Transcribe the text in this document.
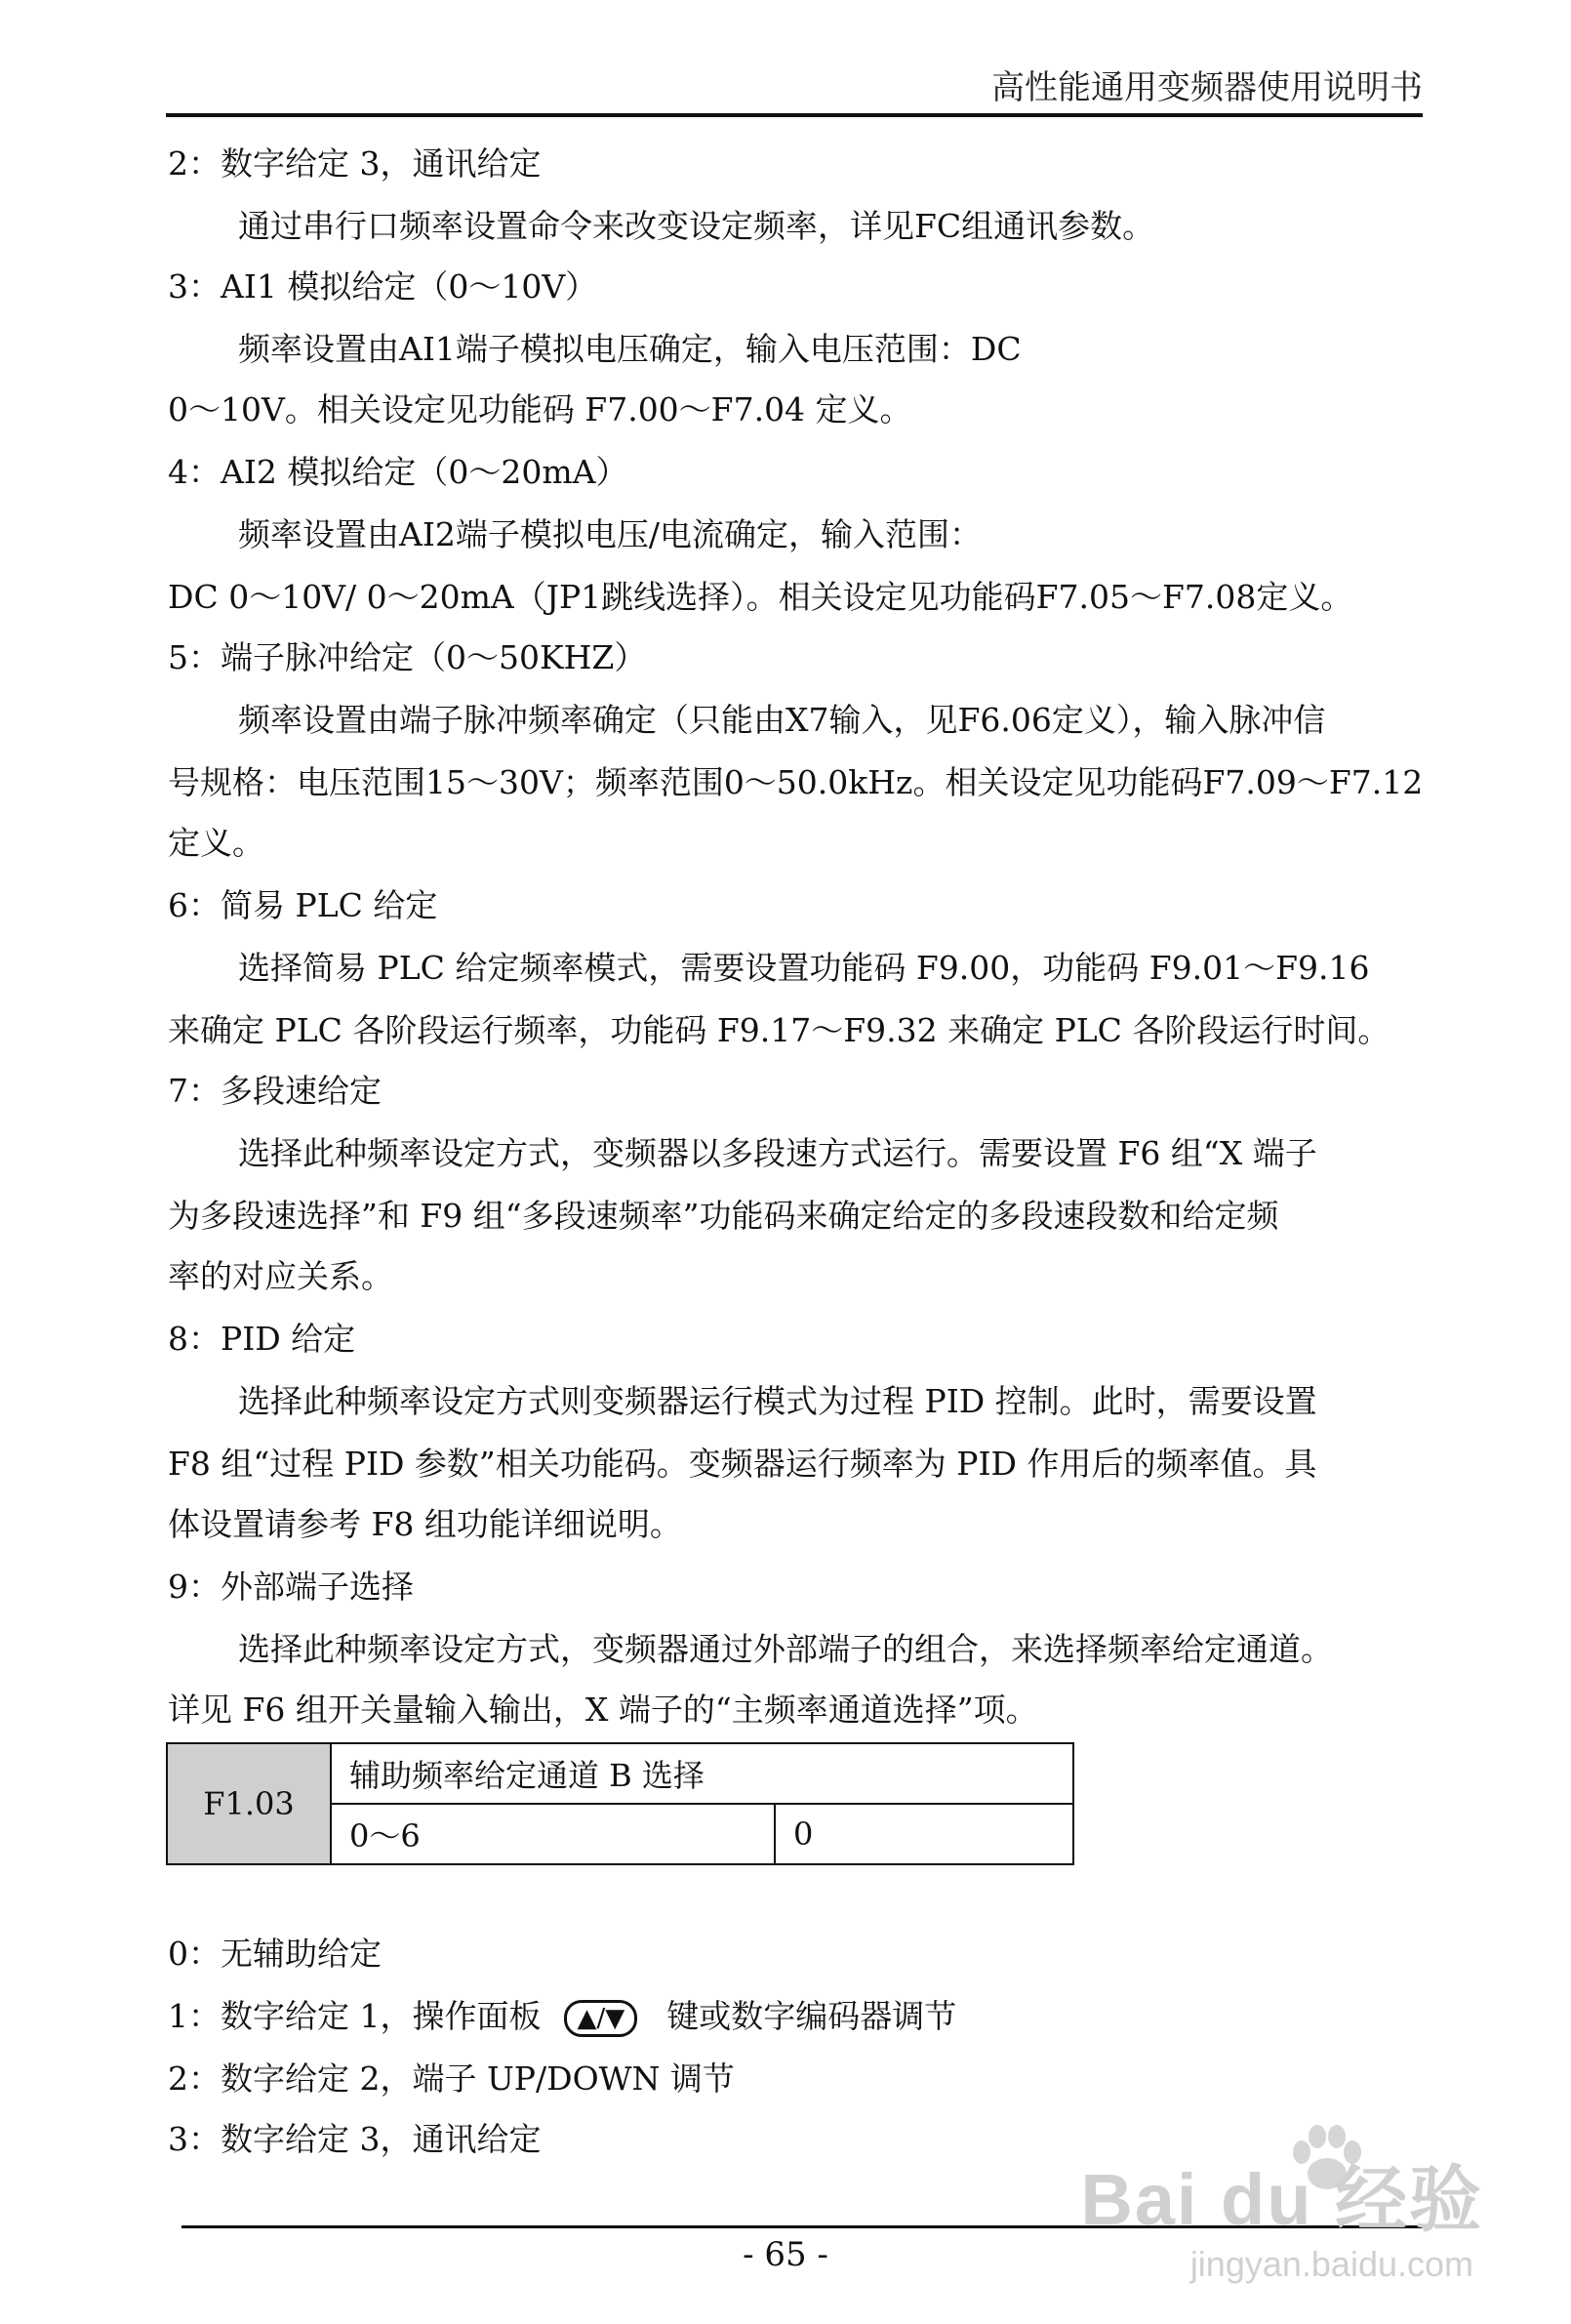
高性能通用变频器使用说明书
2：数字给定 3，通讯给定
通过串行口频率设置命令来改变设定频率，详见FC组通讯参数。
3：AI1 模拟给定（0～10V）
频率设置由AI1端子模拟电压确定，输入电压范围：DC
0～10V。相关设定见功能码 F7.00～F7.04 定义。
4：AI2 模拟给定（0～20mA）
频率设置由AI2端子模拟电压/电流确定，输入范围：
DC 0～10V/ 0～20mA（JP1跳线选择）。相关设定见功能码F7.05～F7.08定义。
5：端子脉冲给定（0～50KHZ）
频率设置由端子脉冲频率确定（只能由X7输入，见F6.06定义），输入脉冲信
号规格：电压范围15～30V；频率范围0～50.0kHz。相关设定见功能码F7.09～F7.12
定义。
6：简易 PLC 给定
选择简易 PLC 给定频率模式，需要设置功能码 F9.00，功能码 F9.01～F9.16
来确定 PLC 各阶段运行频率，功能码 F9.17～F9.32 来确定 PLC 各阶段运行时间。
7：多段速给定
选择此种频率设定方式，变频器以多段速方式运行。需要设置 F6 组“X 端子
为多段速选择”和 F9 组“多段速频率”功能码来确定给定的多段速段数和给定频
率的对应关系。
8：PID 给定
选择此种频率设定方式则变频器运行模式为过程 PID 控制。此时，需要设置
F8 组“过程 PID 参数”相关功能码。变频器运行频率为 PID 作用后的频率值。具
体设置请参考 F8 组功能详细说明。
9：外部端子选择
选择此种频率设定方式，变频器通过外部端子的组合，来选择频率给定通道。
详见 F6 组开关量输入输出，X 端子的“主频率通道选择”项。
F1.03	辅助频率给定通道 B 选择	
	0～6	0
0：无辅助给定
1：数字给定 1，操作面板 ▲/▼ 键或数字编码器调节
2：数字给定 2，端子 UP/DOWN 调节
3：数字给定 3，通讯给定
- 65 -
Bai du 经验
jingyan.baidu.com
